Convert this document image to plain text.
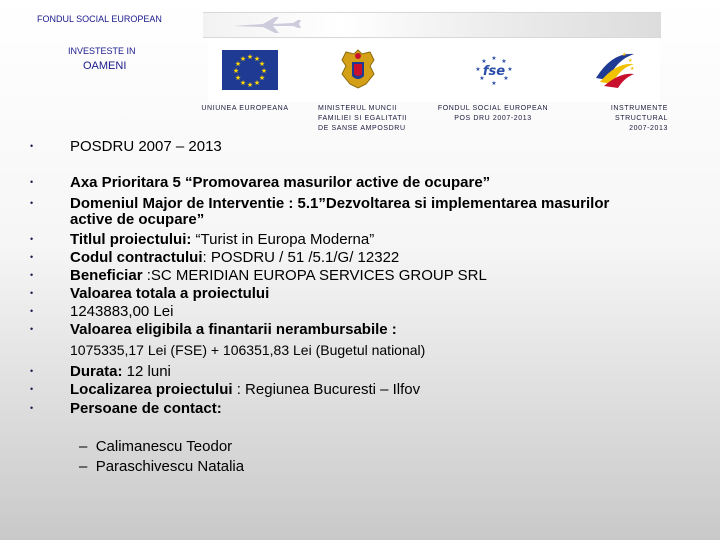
FONDUL SOCIAL EUROPEAN
INVESTESTE IN
OAMENI
★ ★
★
★
★
★
★
★
★
★
★
★	★ ★
★
★
★
★
★
★
fse
★
★
★
UNIUNEA EUROPEANA	MINISTERUL MUNCII
FAMILIEI SI EGALITATII
DE SANSE AMPOSDRU
FONDUL SOCIAL EUROPEAN
POS DRU 2007-2013
INSTRUMENTE
STRUCTURAL
2007-2013
•
•
•
•
•
•
•
•
•
•
•
•
POSDRU 2007 – 2013
Axa Prioritara 5 “Promovarea masurilor active de ocupare”
Domeniul Major de Interventie : 5.1”Dezvoltarea si implementarea masurilor
active de ocupare”
Titlul proiectului: “Turist in Europa Moderna”
Codul contractului: POSDRU / 51 /5.1/G/ 12322
Beneficiar :SC MERIDIAN EUROPA SERVICES GROUP SRL
Valoarea totala a proiectului
1243883,00 Lei
Valoarea eligibila a finantarii nerambursabile :
1075335,17 Lei (FSE) + 106351,83 Lei (Bugetul national)
Durata: 12 luni
Localizarea proiectului : Regiunea Bucuresti – Ilfov
Persoane de contact:
– Calimanescu Teodor
– Paraschivescu Natalia
